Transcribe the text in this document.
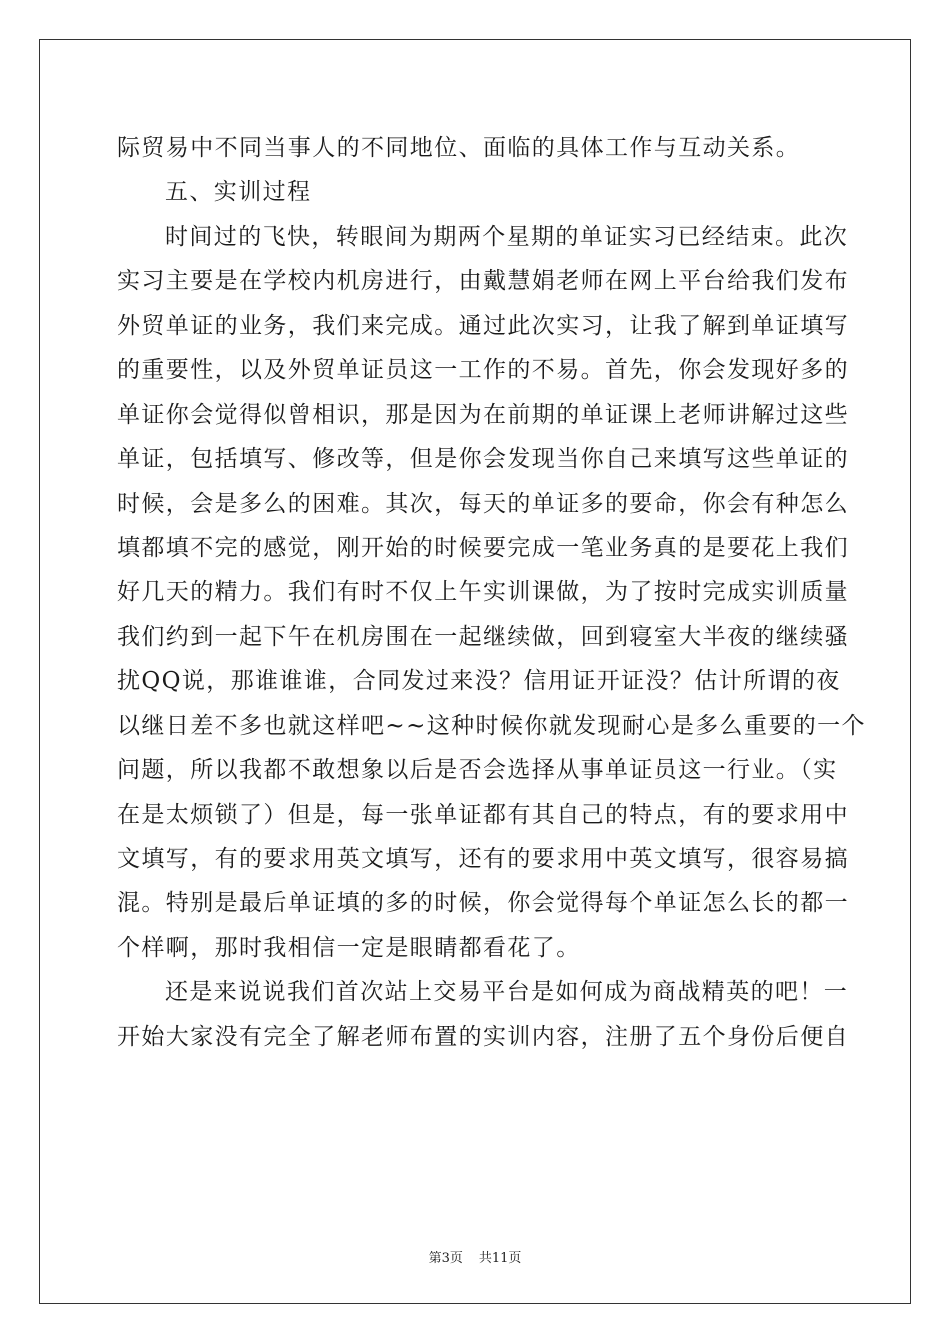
际贸易中不同当事人的不同地位、面临的具体工作与互动关系。
五、实训过程
时间过的飞快，转眼间为期两个星期的单证实习已经结束。此次
实习主要是在学校内机房进行，由戴慧娟老师在网上平台给我们发布
外贸单证的业务，我们来完成。通过此次实习，让我了解到单证填写
的重要性，以及外贸单证员这一工作的不易。首先，你会发现好多的
单证你会觉得似曾相识，那是因为在前期的单证课上老师讲解过这些
单证，包括填写、修改等，但是你会发现当你自己来填写这些单证的
时候，会是多么的困难。其次，每天的单证多的要命，你会有种怎么
填都填不完的感觉，刚开始的时候要完成一笔业务真的是要花上我们
好几天的精力。我们有时不仅上午实训课做，为了按时完成实训质量
我们约到一起下午在机房围在一起继续做，回到寝室大半夜的继续骚
扰QQ说，那谁谁谁，合同发过来没？信用证开证没？估计所谓的夜
以继日差不多也就这样吧~~这种时候你就发现耐心是多么重要的一个
问题，所以我都不敢想象以后是否会选择从事单证员这一行业。（实
在是太烦锁了）但是，每一张单证都有其自己的特点，有的要求用中
文填写，有的要求用英文填写，还有的要求用中英文填写，很容易搞
混。特别是最后单证填的多的时候，你会觉得每个单证怎么长的都一
个样啊，那时我相信一定是眼睛都看花了。
还是来说说我们首次站上交易平台是如何成为商战精英的吧！一
开始大家没有完全了解老师布置的实训内容，注册了五个身份后便自
第3页 共11页
